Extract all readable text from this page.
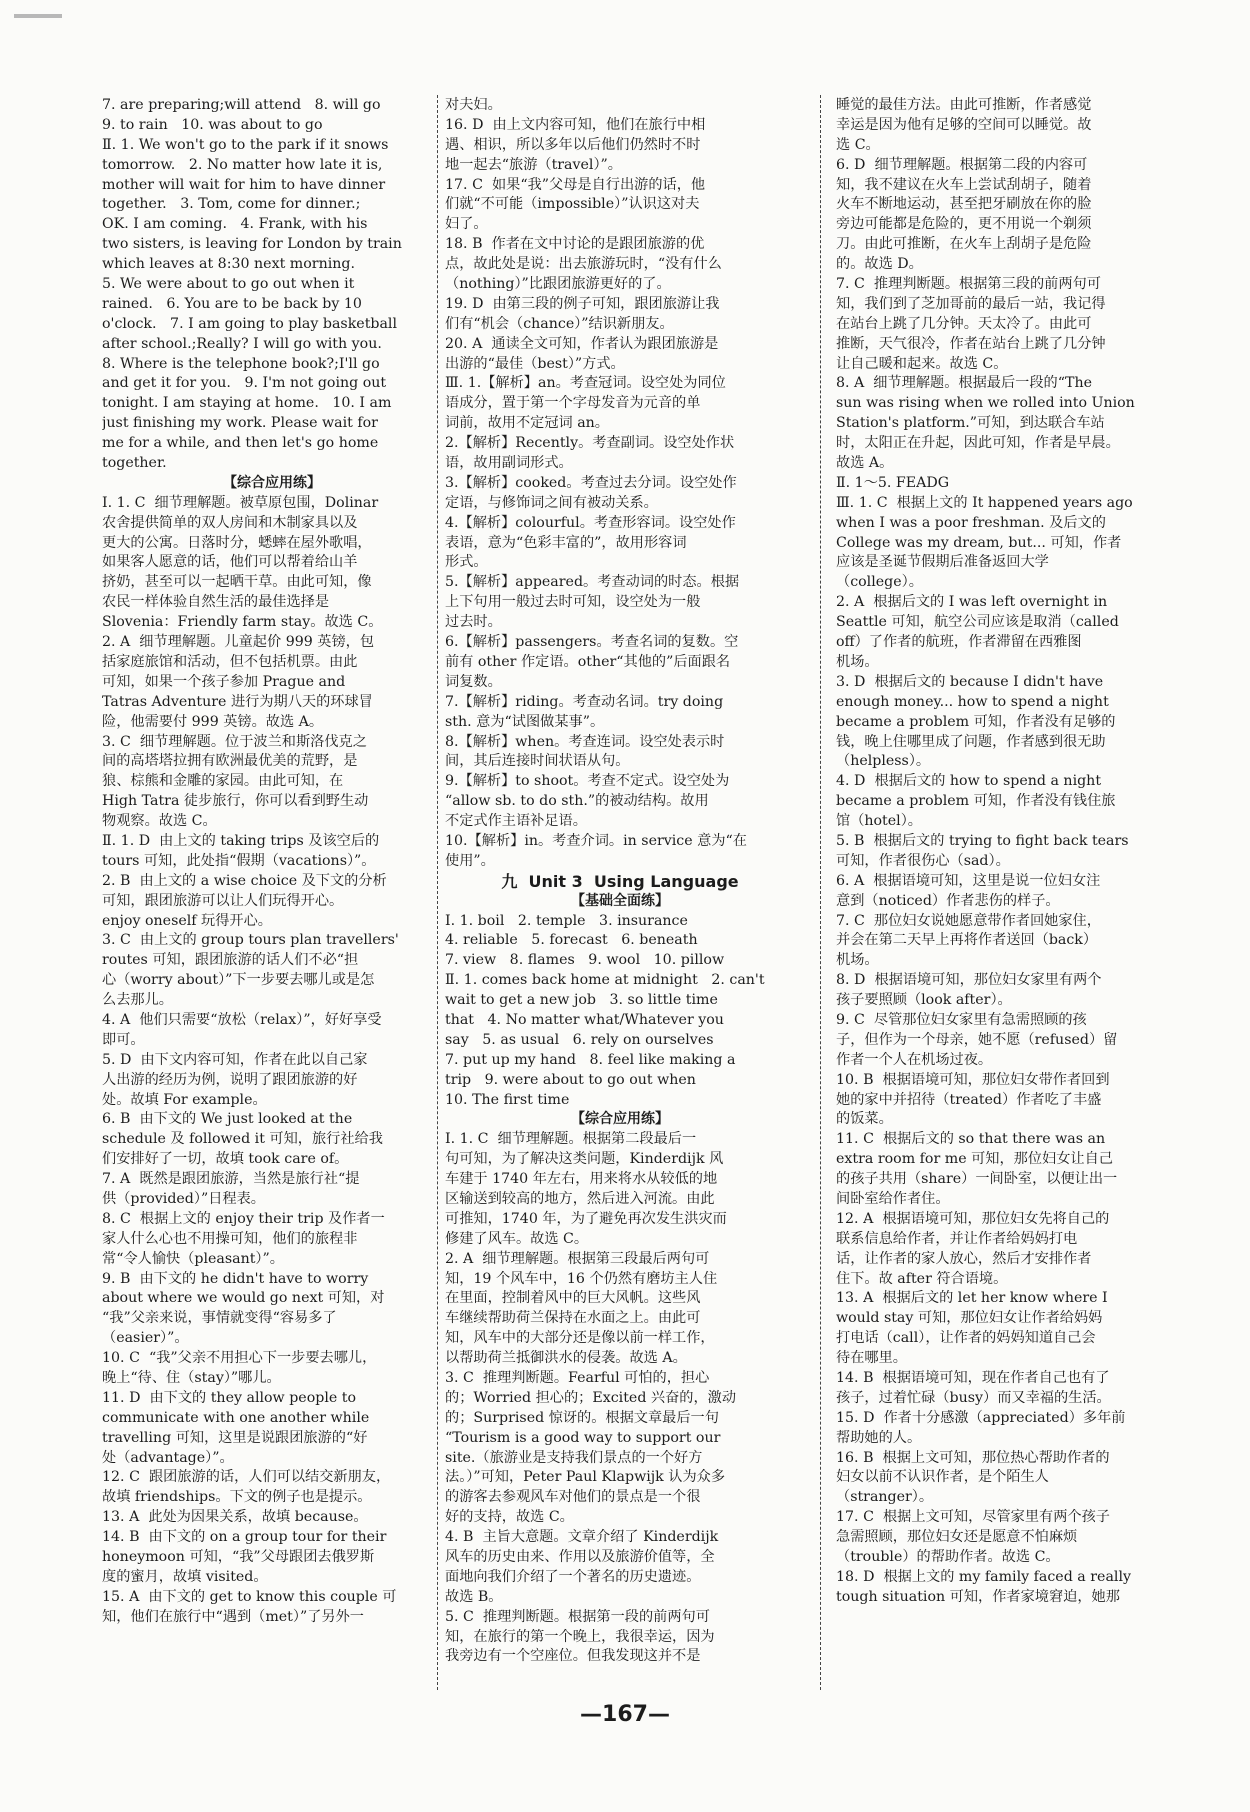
7. are preparing;will attend   8. will go
9. to rain   10. was about to go
Ⅱ. 1. We won't go to the park if it snows
tomorrow.   2. No matter how late it is,
mother will wait for him to have dinner
together.   3. Tom, come for dinner.;
OK. I am coming.   4. Frank, with his
two sisters, is leaving for London by train
which leaves at 8:30 next morning.
5. We were about to go out when it
rained.   6. You are to be back by 10
o'clock.   7. I am going to play basketball
after school.;Really? I will go with you.
8. Where is the telephone book?;I'll go
and get it for you.   9. I'm not going out
tonight. I am staying at home.   10. I am
just finishing my work. Please wait for
me for a while, and then let's go home
together.
【综合应用练】
Ⅰ. 1. C  细节理解题。被草原包围，Dolinar
农舍提供简单的双人房间和木制家具以及
更大的公寓。日落时分，蟋蟀在屋外歌唱，
如果客人愿意的话，他们可以帮着给山羊
挤奶，甚至可以一起晒干草。由此可知，像
农民一样体验自然生活的最佳选择是
Slovenia：Friendly farm stay。故选 C。
2. A  细节理解题。儿童起价 999 英镑，包
括家庭旅馆和活动，但不包括机票。由此
可知，如果一个孩子参加 Prague and
Tatras Adventure 进行为期八天的环球冒
险，他需要付 999 英镑。故选 A。
3. C  细节理解题。位于波兰和斯洛伐克之
间的高塔塔拉拥有欧洲最优美的荒野，是
狼、棕熊和金雕的家园。由此可知，在
High Tatra 徒步旅行，你可以看到野生动
物观察。故选 C。
Ⅱ. 1. D  由上文的 taking trips 及该空后的
tours 可知，此处指“假期（vacations）”。
2. B  由上文的 a wise choice 及下文的分析
可知，跟团旅游可以让人们玩得开心。
enjoy oneself 玩得开心。
3. C  由上文的 group tours plan travellers'
routes 可知，跟团旅游的话人们不必“担
心（worry about）”下一步要去哪儿或是怎
么去那儿。
4. A  他们只需要“放松（relax）”，好好享受
即可。
5. D  由下文内容可知，作者在此以自己家
人出游的经历为例，说明了跟团旅游的好
处。故填 For example。
6. B  由下文的 We just looked at the
schedule 及 followed it 可知，旅行社给我
们安排好了一切，故填 took care of。
7. A  既然是跟团旅游，当然是旅行社“提
供（provided）”日程表。
8. C  根据上文的 enjoy their trip 及作者一
家人什么心也不用操可知，他们的旅程非
常“令人愉快（pleasant）”。
9. B  由下文的 he didn't have to worry
about where we would go next 可知，对
“我”父亲来说，事情就变得“容易多了
（easier）”。
10. C  “我”父亲不用担心下一步要去哪儿，
晚上“待、住（stay）”哪儿。
11. D  由下文的 they allow people to
communicate with one another while
travelling 可知，这里是说跟团旅游的“好
处（advantage）”。
12. C  跟团旅游的话，人们可以结交新朋友，
故填 friendships。下文的例子也是提示。
13. A  此处为因果关系，故填 because。
14. B  由下文的 on a group tour for their
honeymoon 可知，“我”父母跟团去俄罗斯
度的蜜月，故填 visited。
15. A  由下文的 get to know this couple 可
知，他们在旅行中“遇到（met）”了另外一
对夫妇。
16. D  由上文内容可知，他们在旅行中相
遇、相识，所以多年以后他们仍然时不时
地一起去“旅游（travel）”。
17. C  如果“我”父母是自行出游的话，他
们就“不可能（impossible）”认识这对夫
妇了。
18. B  作者在文中讨论的是跟团旅游的优
点，故此处是说：出去旅游玩时，“没有什么
（nothing）”比跟团旅游更好的了。
19. D  由第三段的例子可知，跟团旅游让我
们有“机会（chance）”结识新朋友。
20. A  通读全文可知，作者认为跟团旅游是
出游的“最佳（best）”方式。
Ⅲ. 1.【解析】an。考查冠词。设空处为同位
语成分，置于第一个字母发音为元音的单
词前，故用不定冠词 an。
2.【解析】Recently。考查副词。设空处作状
语，故用副词形式。
3.【解析】cooked。考查过去分词。设空处作
定语，与修饰词之间有被动关系。
4.【解析】colourful。考查形容词。设空处作
表语，意为“色彩丰富的”，故用形容词
形式。
5.【解析】appeared。考查动词的时态。根据
上下句用一般过去时可知，设空处为一般
过去时。
6.【解析】passengers。考查名词的复数。空
前有 other 作定语。other“其他的”后面跟名
词复数。
7.【解析】riding。考查动名词。try doing
sth. 意为“试图做某事”。
8.【解析】when。考查连词。设空处表示时
间，其后连接时间状语从句。
9.【解析】to shoot。考查不定式。设空处为
“allow sb. to do sth.”的被动结构。故用
不定式作主语补足语。
10.【解析】in。考查介词。in service 意为“在
使用”。
九  Unit 3  Using Language
【基础全面练】
Ⅰ. 1. boil   2. temple   3. insurance
4. reliable   5. forecast   6. beneath
7. view   8. flames   9. wool   10. pillow
Ⅱ. 1. comes back home at midnight   2. can't
wait to get a new job   3. so little time
that   4. No matter what/Whatever you
say   5. as usual   6. rely on ourselves
7. put up my hand   8. feel like making a
trip   9. were about to go out when
10. The first time
【综合应用练】
Ⅰ. 1. C  细节理解题。根据第二段最后一
句可知，为了解决这类问题，Kinderdijk 风
车建于 1740 年左右，用来将水从较低的地
区输送到较高的地方，然后进入河流。由此
可推知，1740 年，为了避免再次发生洪灾而
修建了风车。故选 C。
2. A  细节理解题。根据第三段最后两句可
知，19 个风车中，16 个仍然有磨坊主人住
在里面，控制着风中的巨大风帆。这些风
车继续帮助荷兰保持在水面之上。由此可
知，风车中的大部分还是像以前一样工作，
以帮助荷兰抵御洪水的侵袭。故选 A。
3. C  推理判断题。Fearful 可怕的，担心
的；Worried 担心的；Excited 兴奋的，激动
的；Surprised 惊讶的。根据文章最后一句
“Tourism is a good way to support our
site.（旅游业是支持我们景点的一个好方
法。）”可知，Peter Paul Klapwijk 认为众多
的游客去参观风车对他们的景点是一个很
好的支持，故选 C。
4. B  主旨大意题。文章介绍了 Kinderdijk
风车的历史由来、作用以及旅游价值等，全
面地向我们介绍了一个著名的历史遗迹。
故选 B。
5. C  推理判断题。根据第一段的前两句可
知，在旅行的第一个晚上，我很幸运，因为
我旁边有一个空座位。但我发现这并不是
睡觉的最佳方法。由此可推断，作者感觉
幸运是因为他有足够的空间可以睡觉。故
选 C。
6. D  细节理解题。根据第二段的内容可
知，我不建议在火车上尝试刮胡子，随着
火车不断地运动，甚至把牙刷放在你的脸
旁边可能都是危险的，更不用说一个剃须
刀。由此可推断，在火车上刮胡子是危险
的。故选 D。
7. C  推理判断题。根据第三段的前两句可
知，我们到了芝加哥前的最后一站，我记得
在站台上跳了几分钟。天太冷了。由此可
推断，天气很冷，作者在站台上跳了几分钟
让自己暖和起来。故选 C。
8. A  细节理解题。根据最后一段的“The
sun was rising when we rolled into Union
Station's platform.”可知，到达联合车站
时，太阳正在升起，因此可知，作者是早晨。
故选 A。
Ⅱ. 1～5. FEADG
Ⅲ. 1. C  根据上文的 It happened years ago
when I was a poor freshman. 及后文的
College was my dream, but... 可知，作者
应该是圣诞节假期后准备返回大学
（college）。
2. A  根据后文的 I was left overnight in
Seattle 可知，航空公司应该是取消（called
off）了作者的航班，作者滞留在西雅图
机场。
3. D  根据后文的 because I didn't have
enough money... how to spend a night
became a problem 可知，作者没有足够的
钱，晚上住哪里成了问题，作者感到很无助
（helpless）。
4. D  根据后文的 how to spend a night
became a problem 可知，作者没有钱住旅
馆（hotel）。
5. B  根据后文的 trying to fight back tears
可知，作者很伤心（sad）。
6. A  根据语境可知，这里是说一位妇女注
意到（noticed）作者悲伤的样子。
7. C  那位妇女说她愿意带作者回她家住，
并会在第二天早上再将作者送回（back）
机场。
8. D  根据语境可知，那位妇女家里有两个
孩子要照顾（look after）。
9. C  尽管那位妇女家里有急需照顾的孩
子，但作为一个母亲，她不愿（refused）留
作者一个人在机场过夜。
10. B  根据语境可知，那位妇女带作者回到
她的家中并招待（treated）作者吃了丰盛
的饭菜。
11. C  根据后文的 so that there was an
extra room for me 可知，那位妇女让自己
的孩子共用（share）一间卧室，以便让出一
间卧室给作者住。
12. A  根据语境可知，那位妇女先将自己的
联系信息给作者，并让作者给妈妈打电
话，让作者的家人放心，然后才安排作者
住下。故 after 符合语境。
13. A  根据后文的 let her know where I
would stay 可知，那位妇女让作者给妈妈
打电话（call），让作者的妈妈知道自己会
待在哪里。
14. B  根据语境可知，现在作者自己也有了
孩子，过着忙碌（busy）而又幸福的生活。
15. D  作者十分感激（appreciated）多年前
帮助她的人。
16. B  根据上文可知，那位热心帮助作者的
妇女以前不认识作者，是个陌生人
（stranger）。
17. C  根据上文可知，尽管家里有两个孩子
急需照顾，那位妇女还是愿意不怕麻烦
（trouble）的帮助作者。故选 C。
18. D  根据上文的 my family faced a really
tough situation 可知，作者家境窘迫，她那
—167—
